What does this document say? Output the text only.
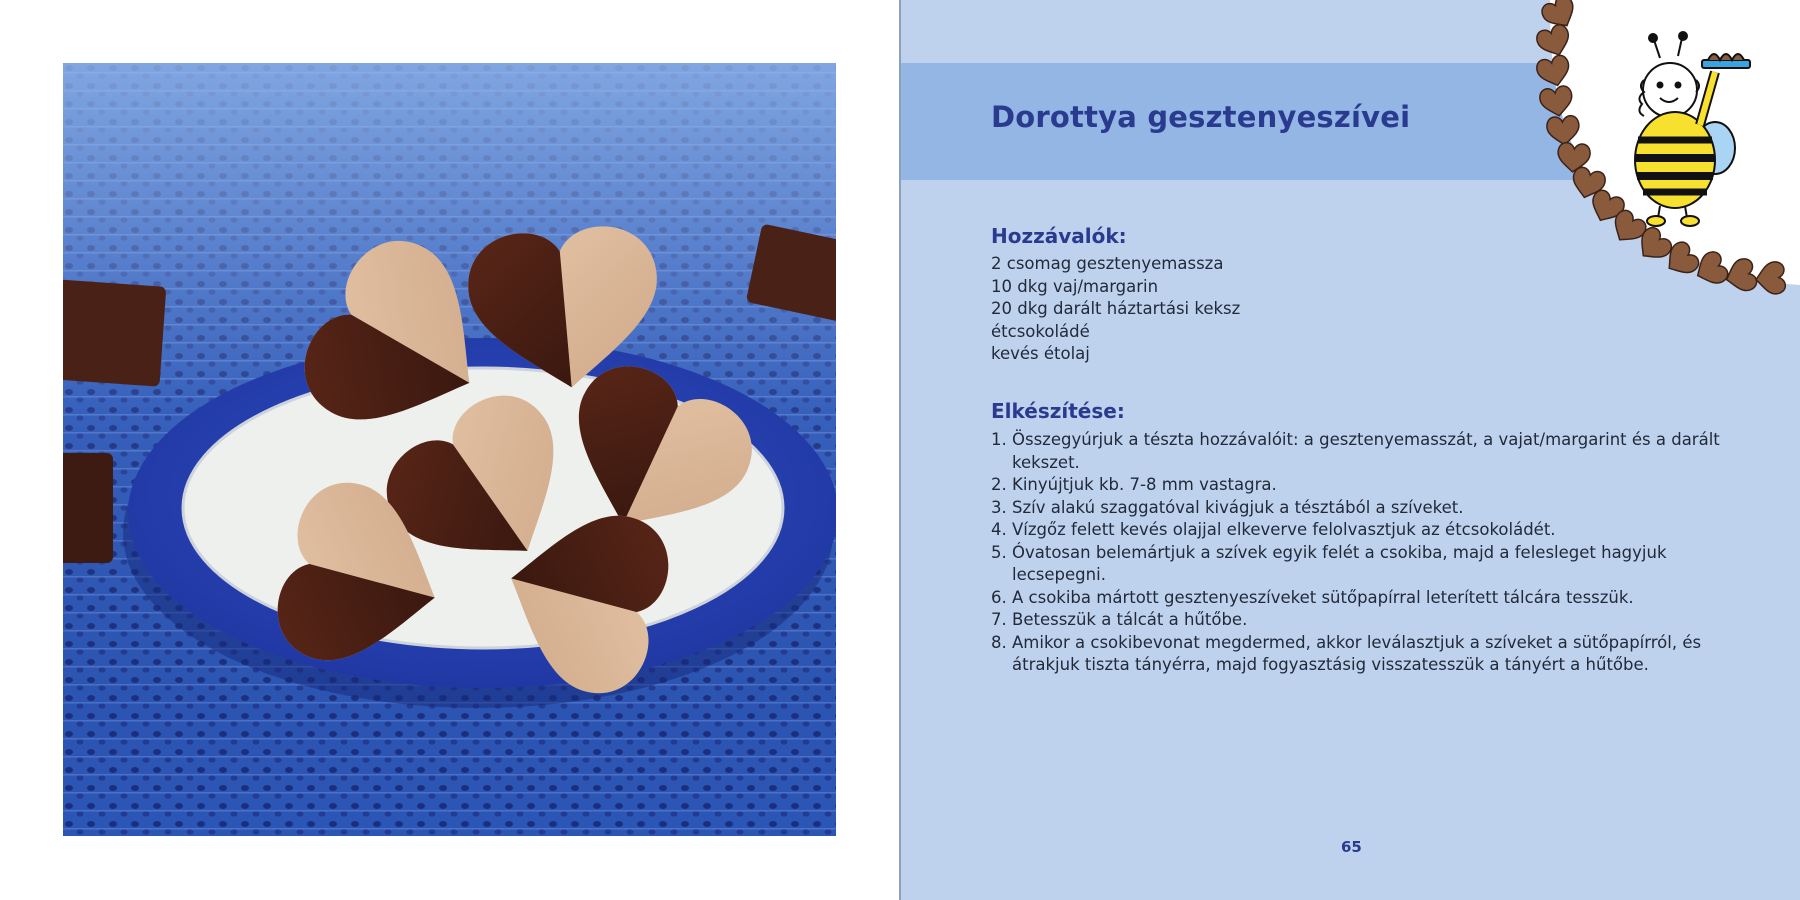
Dorottya gesztenyeszívei
Hozzávalók:
2 csomag gesztenyemassza
10 dkg vaj/margarin
20 dkg darált háztartási keksz
étcsokoládé
kevés étolaj
Elkészítése:
1. Összegyúrjuk a tészta hozzávalóit: a gesztenyemasszát, a vajat/margarint és a darált kekszet.
2. Kinyújtjuk kb. 7-8 mm vastagra.
3. Szív alakú szaggatóval kivágjuk a tésztából a szíveket.
4. Vízgőz felett kevés olajjal elkeverve felolvasztjuk az étcsokoládét.
5. Óvatosan belemártjuk a szívek egyik felét a csokiba, majd a felesleget hagyjuk lecsepegni.
6. A csokiba mártott gesztenyeszíveket sütőpapírral leterített tálcára tesszük.
7. Betesszük a tálcát a hűtőbe.
8. Amikor a csokibevonat megdermed, akkor leválasztjuk a szíveket a sütőpapírról, és átrakjuk tiszta tányérra, majd fogyasztásig visszatesszük a tányért a hűtőbe.
65
